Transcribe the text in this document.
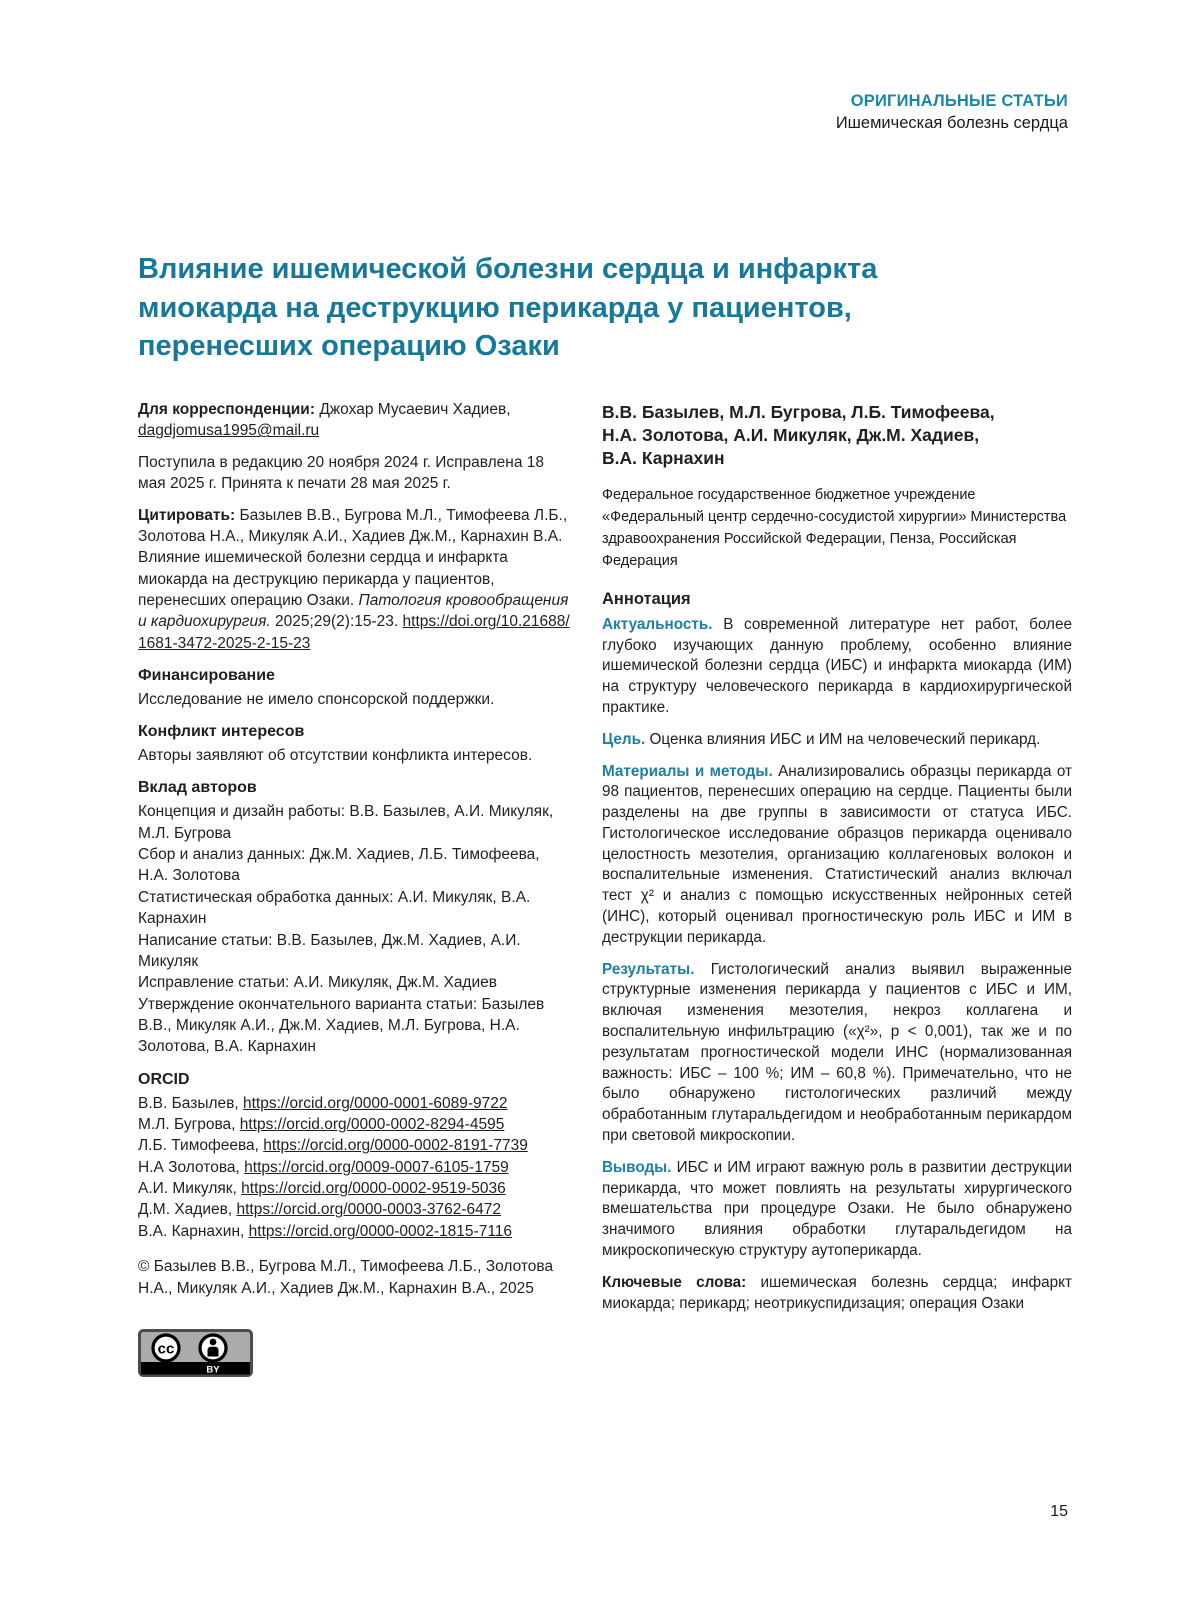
ОРИГИНАЛЬНЫЕ СТАТЬИ
Ишемическая болезнь сердца
Влияние ишемической болезни сердца и инфаркта
миокарда на деструкцию перикарда у пациентов,
перенесших операцию Озаки

Для корреспонденции: Джохар Мусаевич Хадиев, dagdjomusa1995@mail.ru

Поступила в редакцию 20 ноября 2024 г. Исправлена 18 мая 2025 г. Принята к печати 28 мая 2025 г.

Цитировать: Базылев В.В., Бугрова М.Л., Тимофеева Л.Б., Золотова Н.А., Микуляк А.И., Хадиев Дж.М., Карнахин В.А. Влияние ишемической болезни сердца и инфаркта миокарда на деструкцию перикарда у пациентов, перенесших операцию Озаки. Патология кровообращения и кардиохирургия. 2025;29(2):15-23. https://doi.org/10.21688/1681-3472-2025-2-15-23

Финансирование

Исследование не имело спонсорской поддержки.

Конфликт интересов

Авторы заявляют об отсутствии конфликта интересов.

Вклад авторов
Концепция и дизайн работы: В.В. Базылев, А.И. Микуляк, М.Л. Бугрова
Сбор и анализ данных: Дж.М. Хадиев, Л.Б. Тимофеева, Н.А. Золотова
Статистическая обработка данных: А.И. Микуляк, В.А. Карнахин
Написание статьи: В.В. Базылев, Дж.М. Хадиев, А.И. Микуляк
Исправление статьи: А.И. Микуляк, Дж.М. Хадиев
Утверждение окончательного варианта статьи: Базылев В.В., Микуляк А.И., Дж.М. Хадиев, М.Л. Бугрова, Н.А. Золотова, В.А. Карнахин
ORCID
В.В. Базылев, https://orcid.org/0000-0001-6089-9722
М.Л. Бугрова, https://orcid.org/0000-0002-8294-4595
Л.Б. Тимофеева, https://orcid.org/0000-0002-8191-7739
Н.А Золотова, https://orcid.org/0009-0007-6105-1759
А.И. Микуляк, https://orcid.org/0000-0002-9519-5036
Д.М. Хадиев, https://orcid.org/0000-0003-3762-6472
В.А. Карнахин, https://orcid.org/0000-0002-1815-7116

© Базылев В.В., Бугрова М.Л., Тимофеева Л.Б., Золотова Н.А., Микуляк А.И., Хадиев Дж.М., Карнахин В.А., 2025

cc
BY
В.В. Базылев, М.Л. Бугрова, Л.Б. Тимофеева,
Н.А. Золотова, А.И. Микуляк, Дж.М. Хадиев,
В.А. Карнахин
Федеральное государственное бюджетное учреждение «Федеральный центр сердечно-сосудистой хирургии» Министерства здравоохранения Российской Федерации, Пенза, Российская Федерация
Аннотация

Актуальность. В современной литературе нет работ, более глубоко изучающих данную проблему, особенно влияние ишемической болезни сердца (ИБС) и инфаркта миокарда (ИМ) на структуру человеческого перикарда в кардиохирургической практике.

Цель. Оценка влияния ИБС и ИМ на человеческий перикард.

Материалы и методы. Анализировались образцы перикарда от 98 пациентов, перенесших операцию на сердце. Пациенты были разделены на две группы в зависимости от статуса ИБС. Гистологическое исследование образцов перикарда оценивало целостность мезотелия, организацию коллагеновых волокон и воспалительные изменения. Статистический анализ включал тест χ² и анализ с помощью искусственных нейронных сетей (ИНС), который оценивал прогностическую роль ИБС и ИМ в деструкции перикарда.

Результаты. Гистологический анализ выявил выраженные структурные изменения перикарда у пациентов с ИБС и ИМ, включая изменения мезотелия, некроз коллагена и воспалительную инфильтрацию («χ²», p < 0,001), так же и по результатам прогностической модели ИНС (нормализованная важность: ИБС – 100 %; ИМ – 60,8 %). Примечательно, что не было обнаружено гистологических различий между обработанным глутаральдегидом и необработанным перикардом при световой микроскопии.

Выводы. ИБС и ИМ играют важную роль в развитии деструкции перикарда, что может повлиять на результаты хирургического вмешательства при процедуре Озаки. Не было обнаружено значимого влияния обработки глутаральдегидом на микроскопическую структуру аутоперикарда.

Ключевые слова: ишемическая болезнь сердца; инфаркт миокарда; перикард; неотрикуспидизация; операция Озаки

15
